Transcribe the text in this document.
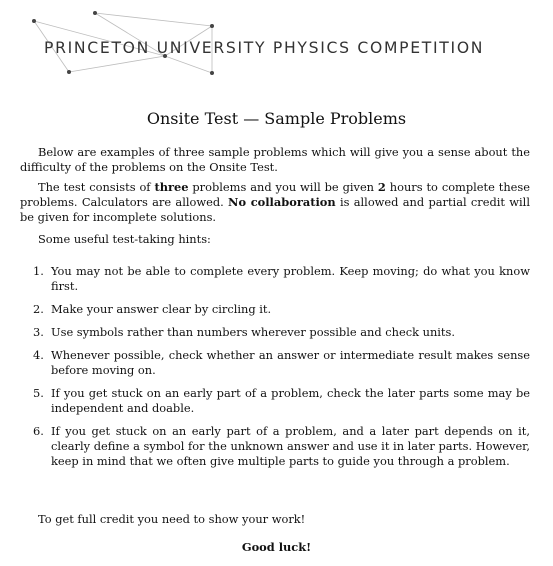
PRINCETON UNIVERSITY PHYSICS COMPETITION
Onsite Test — Sample Problems

Below are examples of three sample problems which will give you a sense about the difficulty of the problems on the Onsite Test.

The test consists of three problems and you will be given 2 hours to complete these problems. Calculators are allowed. No collaboration is allowed and partial credit will be given for incomplete solutions.

Some useful test-taking hints:

1. You may not be able to complete every problem. Keep moving; do what you know first.
2. Make your answer clear by circling it.
3. Use symbols rather than numbers wherever possible and check units.
4. Whenever possible, check whether an answer or intermediate result makes sense before moving on.
5. If you get stuck on an early part of a problem, check the later parts some may be independent and doable.
6. If you get stuck on an early part of a problem, and a later part depends on it, clearly define a symbol for the unknown answer and use it in later parts. However, keep in mind that we often give multiple parts to guide you through a problem.

To get full credit you need to show your work!

Good luck!
